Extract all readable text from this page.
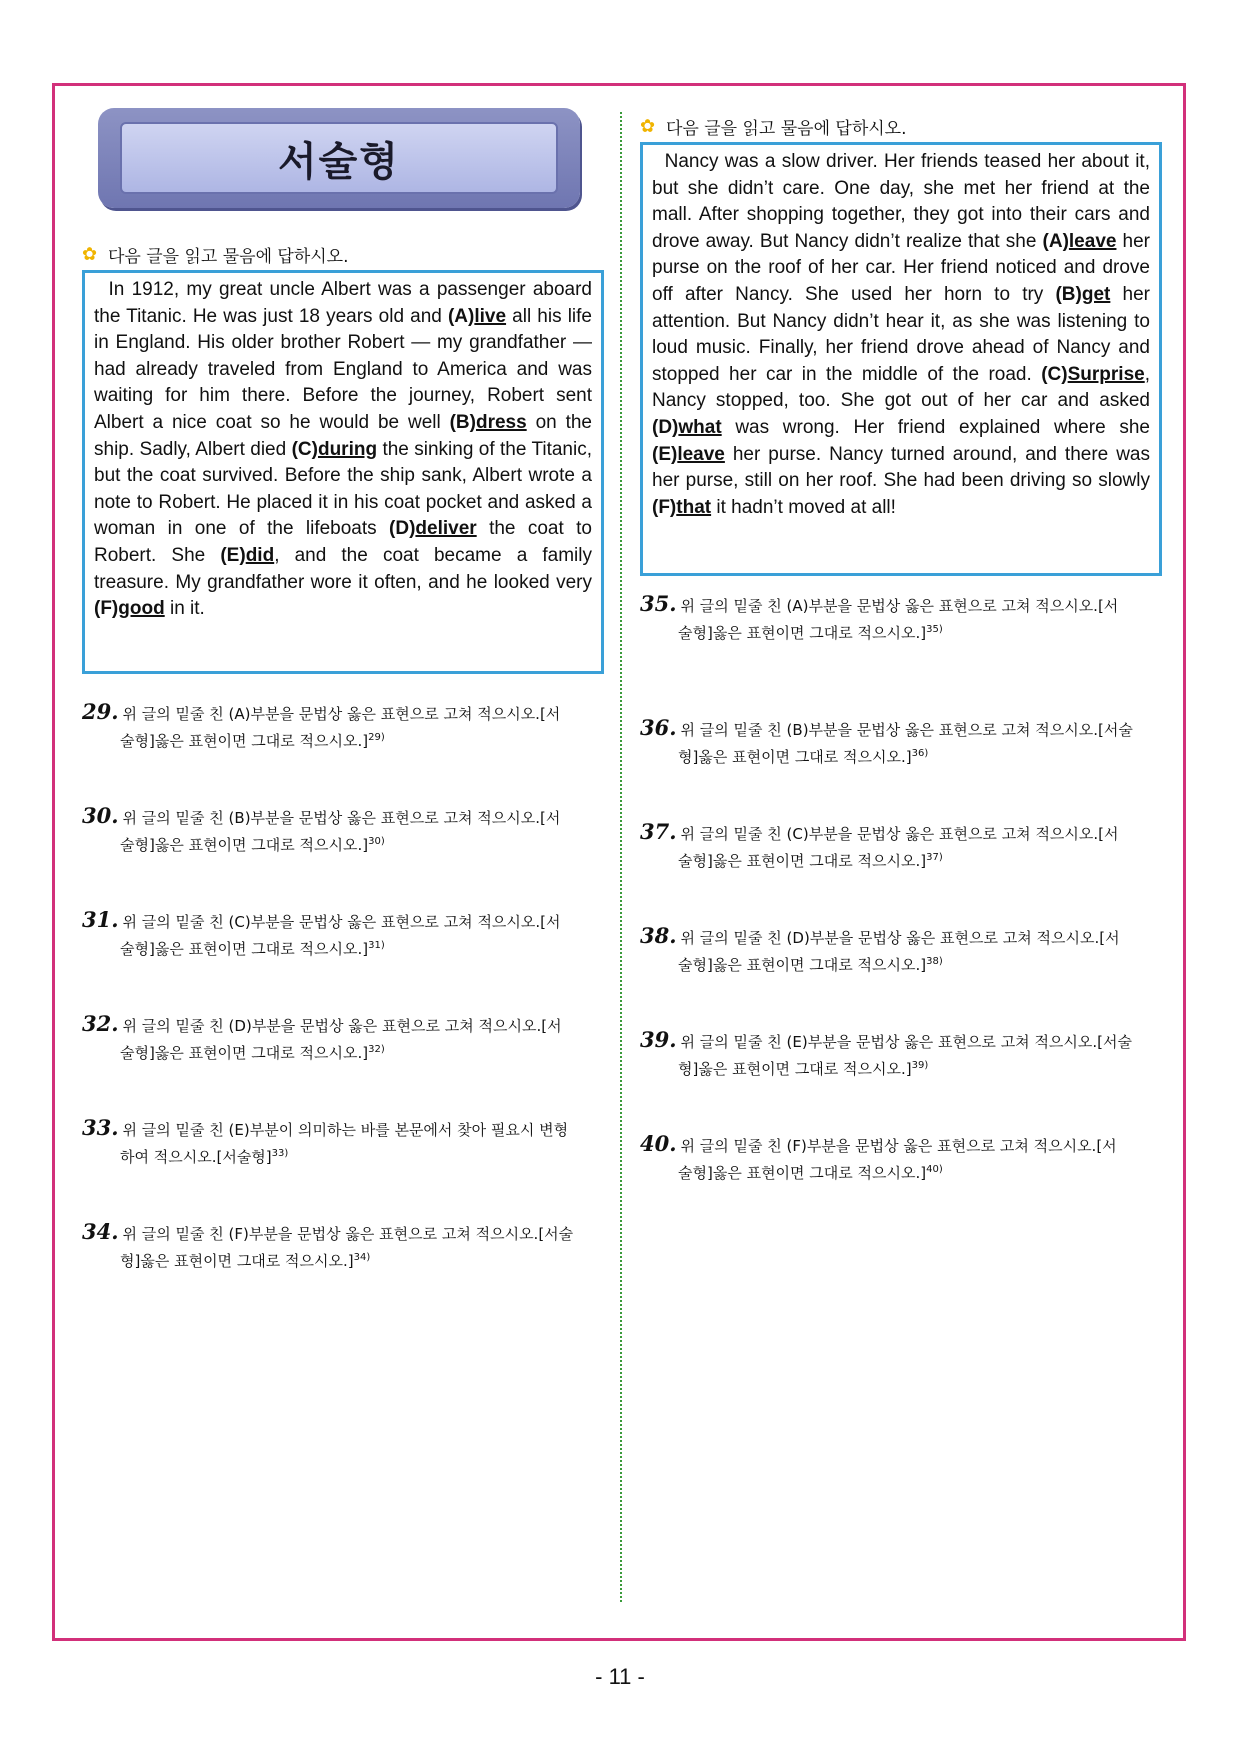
서술형
✿ 다음 글을 읽고 물음에 답하시오.
In 1912, my great uncle Albert was a passenger aboard the Titanic. He was just 18 years old and (A)live all his life in England. His older brother Robert — my grandfather — had already traveled from England to America and was waiting for him there. Before the journey, Robert sent Albert a nice coat so he would be well (B)dress on the ship. Sadly, Albert died (C)during the sinking of the Titanic, but the coat survived. Before the ship sank, Albert wrote a note to Robert. He placed it in his coat pocket and asked a woman in one of the lifeboats (D)deliver the coat to Robert. She (E)did, and the coat became a family treasure. My grandfather wore it often, and he looked very (F)good in it.
✿ 다음 글을 읽고 물음에 답하시오.
Nancy was a slow driver. Her friends teased her about it, but she didn’t care. One day, she met her friend at the mall. After shopping together, they got into their cars and drove away. But Nancy didn’t realize that she (A)leave her purse on the roof of her car. Her friend noticed and drove off after Nancy. She used her horn to try (B)get her attention. But Nancy didn’t hear it, as she was listening to loud music. Finally, her friend drove ahead of Nancy and stopped her car in the middle of the road. (C)Surprise, Nancy stopped, too. She got out of her car and asked (D)what was wrong. Her friend explained where she (E)leave her purse. Nancy turned around, and there was her purse, still on her roof. She had been driving so slowly (F)that it hadn’t moved at all!
29. 위 글의 밑줄 친 (A)부분을 문법상 옳은 표현으로 고쳐 적으시오.[서
술형]옳은 표현이면 그대로 적으시오.]$^{29)}$
30. 위 글의 밑줄 친 (B)부분을 문법상 옳은 표현으로 고쳐 적으시오.[서
술형]옳은 표현이면 그대로 적으시오.]$^{30)}$
31. 위 글의 밑줄 친 (C)부분을 문법상 옳은 표현으로 고쳐 적으시오.[서
술형]옳은 표현이면 그대로 적으시오.]$^{31)}$
32. 위 글의 밑줄 친 (D)부분을 문법상 옳은 표현으로 고쳐 적으시오.[서
술형]옳은 표현이면 그대로 적으시오.]$^{32)}$
33. 위 글의 밑줄 친 (E)부분이 의미하는 바를 본문에서 찾아 필요시 변형
하여 적으시오.[서술형]$^{33)}$
34. 위 글의 밑줄 친 (F)부분을 문법상 옳은 표현으로 고쳐 적으시오.[서술
형]옳은 표현이면 그대로 적으시오.]$^{34)}$
35. 위 글의 밑줄 친 (A)부분을 문법상 옳은 표현으로 고쳐 적으시오.[서
술형]옳은 표현이면 그대로 적으시오.]$^{35)}$
36. 위 글의 밑줄 친 (B)부분을 문법상 옳은 표현으로 고쳐 적으시오.[서술
형]옳은 표현이면 그대로 적으시오.]$^{36)}$
37. 위 글의 밑줄 친 (C)부분을 문법상 옳은 표현으로 고쳐 적으시오.[서
술형]옳은 표현이면 그대로 적으시오.]$^{37)}$
38. 위 글의 밑줄 친 (D)부분을 문법상 옳은 표현으로 고쳐 적으시오.[서
술형]옳은 표현이면 그대로 적으시오.]$^{38)}$
39. 위 글의 밑줄 친 (E)부분을 문법상 옳은 표현으로 고쳐 적으시오.[서술
형]옳은 표현이면 그대로 적으시오.]$^{39)}$
40. 위 글의 밑줄 친 (F)부분을 문법상 옳은 표현으로 고쳐 적으시오.[서
술형]옳은 표현이면 그대로 적으시오.]$^{40)}$
- 11 -
